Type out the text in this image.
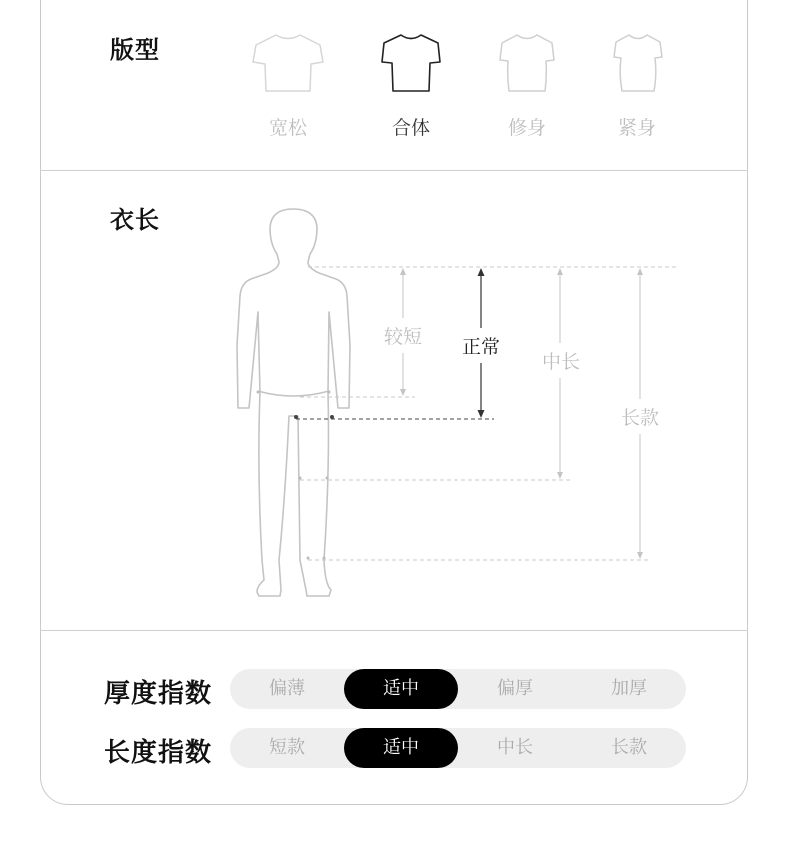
版型
宽松	合体	修身	紧身
衣长
较短 正常
中长
长款
厚度指数	偏薄	适中	偏厚	加厚
长度指数	短款	适中	中长	长款
